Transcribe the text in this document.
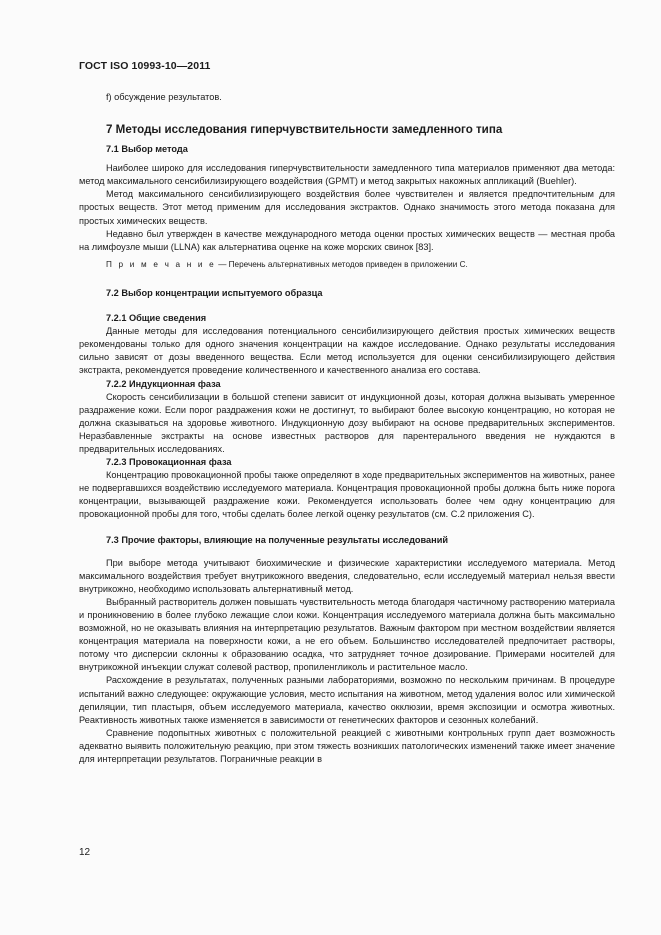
ГОСТ ISO 10993-10—2011

f) обсуждение результатов.

7 Методы исследования гиперчувствительности замедленного типа

7.1 Выбор метода

Наиболее широко для исследования гиперчувствительности замедленного типа материалов применяют два метода: метод максимального сенсибилизирующего воздействия (GPMT) и метод закрытых накожных аппликаций (Buehler).

Метод максимального сенсибилизирующего воздействия более чувствителен и является предпочтительным для простых веществ. Этот метод применим для исследования экстрактов. Однако значимость этого метода показана для простых химических веществ.

Недавно был утвержден в качестве международного метода оценки простых химических веществ — местная проба на лимфоузле мыши (LLNA) как альтернатива оценке на коже морских свинок [83].

П р и м е ч а н и е — Перечень альтернативных методов приведен в приложении С.

7.2 Выбор концентрации испытуемого образца

7.2.1 Общие сведения

Данные методы для исследования потенциального сенсибилизирующего действия простых химических веществ рекомендованы только для одного значения концентрации на каждое исследование. Однако результаты исследования сильно зависят от дозы введенного вещества. Если метод используется для оценки сенсибилизирующего действия экстракта, рекомендуется проведение количественного и качественного анализа его состава.

7.2.2 Индукционная фаза

Скорость сенсибилизации в большой степени зависит от индукционной дозы, которая должна вызывать умеренное раздражение кожи. Если порог раздражения кожи не достигнут, то выбирают более высокую концентрацию, но которая не должна сказываться на здоровье животного. Индукционную дозу выбирают на основе предварительных экспериментов. Неразбавленные экстракты на основе известных растворов для парентерального введения не нуждаются в предварительных исследованиях.

7.2.3 Провокационная фаза

Концентрацию провокационной пробы также определяют в ходе предварительных экспериментов на животных, ранее не подвергавшихся воздействию исследуемого материала. Концентрация провокационной пробы должна быть ниже порога концентрации, вызывающей раздражение кожи. Рекомендуется использовать более чем одну концентрацию для провокационной пробы для того, чтобы сделать более легкой оценку результатов (см. С.2 приложения С).

7.3 Прочие факторы, влияющие на полученные результаты исследований

При выборе метода учитывают биохимические и физические характеристики исследуемого материала. Метод максимального воздействия требует внутрикожного введения, следовательно, если исследуемый материал нельзя ввести внутрикожно, необходимо использовать альтернативный метод.

Выбранный растворитель должен повышать чувствительность метода благодаря частичному растворению материала и проникновению в более глубоко лежащие слои кожи. Концентрация исследуемого материала должна быть максимально возможной, но не оказывать влияния на интерпретацию результатов. Важным фактором при местном воздействии является концентрация материала на поверхности кожи, а не его объем. Большинство исследователей предпочитает растворы, потому что дисперсии склонны к образованию осадка, что затрудняет точное дозирование. Примерами носителей для внутрикожной инъекции служат солевой раствор, пропиленгликоль и растительное масло.

Расхождение в результатах, полученных разными лабораториями, возможно по нескольким причинам. В процедуре испытаний важно следующее: окружающие условия, место испытания на животном, метод удаления волос или химической депиляции, тип пластыря, объем исследуемого материала, качество окклюзии, время экспозиции и осмотра животных. Реактивность животных также изменяется в зависимости от генетических факторов и сезонных колебаний.

Сравнение подопытных животных с положительной реакцией с животными контрольных групп дает возможность адекватно выявить положительную реакцию, при этом тяжесть возникших патологических изменений также имеет значение для интерпретации результатов. Пограничные реакции в

12
